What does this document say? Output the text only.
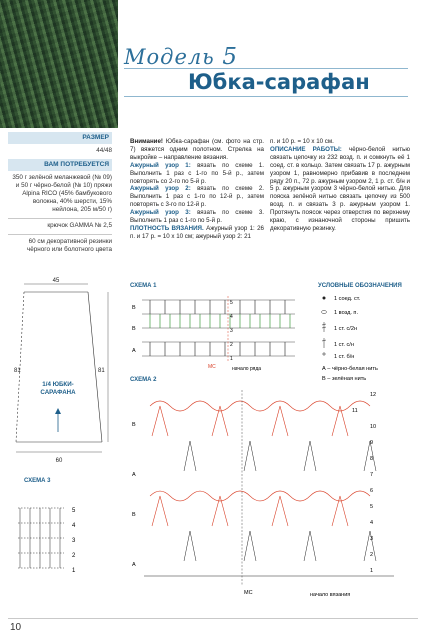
Модель 5
Юбка-сарафан
РАЗМЕР
44/48
ВАМ ПОТРЕБУЕТСЯ
350 г зелёной меланжевой (№ 09) и 50 г чёрно-белой (№ 10) пряжи Alpina RICO (45% бамбукового волокна, 40% шерсти, 15% нейлона, 205 м/50 г)
крючок GAMMA № 2,5
60 см декоративной резинки чёрного или болотного цвета
45
81	81
60
1/4 ЮБКИ-
САРАФАНА
СХЕМА 3
5
4
3
2
1

Внимание! Юбка-сарафан (см. фото на стр. 7) вяжется одним полотном. Стрелка на выкройке – направление вязания.

Ажурный узор 1: вязать по схеме 1. Выполнить 1 раз с 1-го по 5-й р., затем повторять со 2-го по 5-й р.

Ажурный узор 2: вязать по схеме 2. Выполнить 1 раз с 1-го по 12-й р., затем повторять с 3-го по 12-й р.

Ажурный узор 3: вязать по схеме 3. Выполнить 1 раз с 1-го по 5-й р.

ПЛОТНОСТЬ ВЯЗАНИЯ. Ажурный узор 1: 26 п. и 17 р. = 10 х 10 см; ажурный узор 2: 21

п. и 10 р. = 10 х 10 см.

ОПИСАНИЕ РАБОТЫ: чёрно-белой нитью связать цепочку из 232 возд. п. и сомкнуть её 1 соед. ст. в кольцо. Затем связать 17 р. ажурным узором 1, равномерно прибавив в последнем ряду 20 п., 72 р. ажурным узором 2, 1 р. ст. б/н и 5 р. ажурным узором 3 чёрно-белой нитью. Для пояска зелёной нитью связать цепочку из 500 возд. п. и связать 3 р. ажурным узором 1. Протянуть поясок через отверстия по верхнему краю, с изнаночной стороны пришить декоративную резинку.

СХЕМА 1
5
4
3
2
1
В
В
А
МС	начало ряда
УСЛОВНЫЕ ОБОЗНАЧЕНИЯ
1 соед. ст.
1 возд. п.
1 ст. с/2н
1 ст. с/н
1 ст. б/н
А – чёрно-белая нить
В – зелёная нить
СХЕМА 2
12
11
10
9
8
7
6
5
4
3
2
1
В
А
В
А
МС	начало вязания
10
